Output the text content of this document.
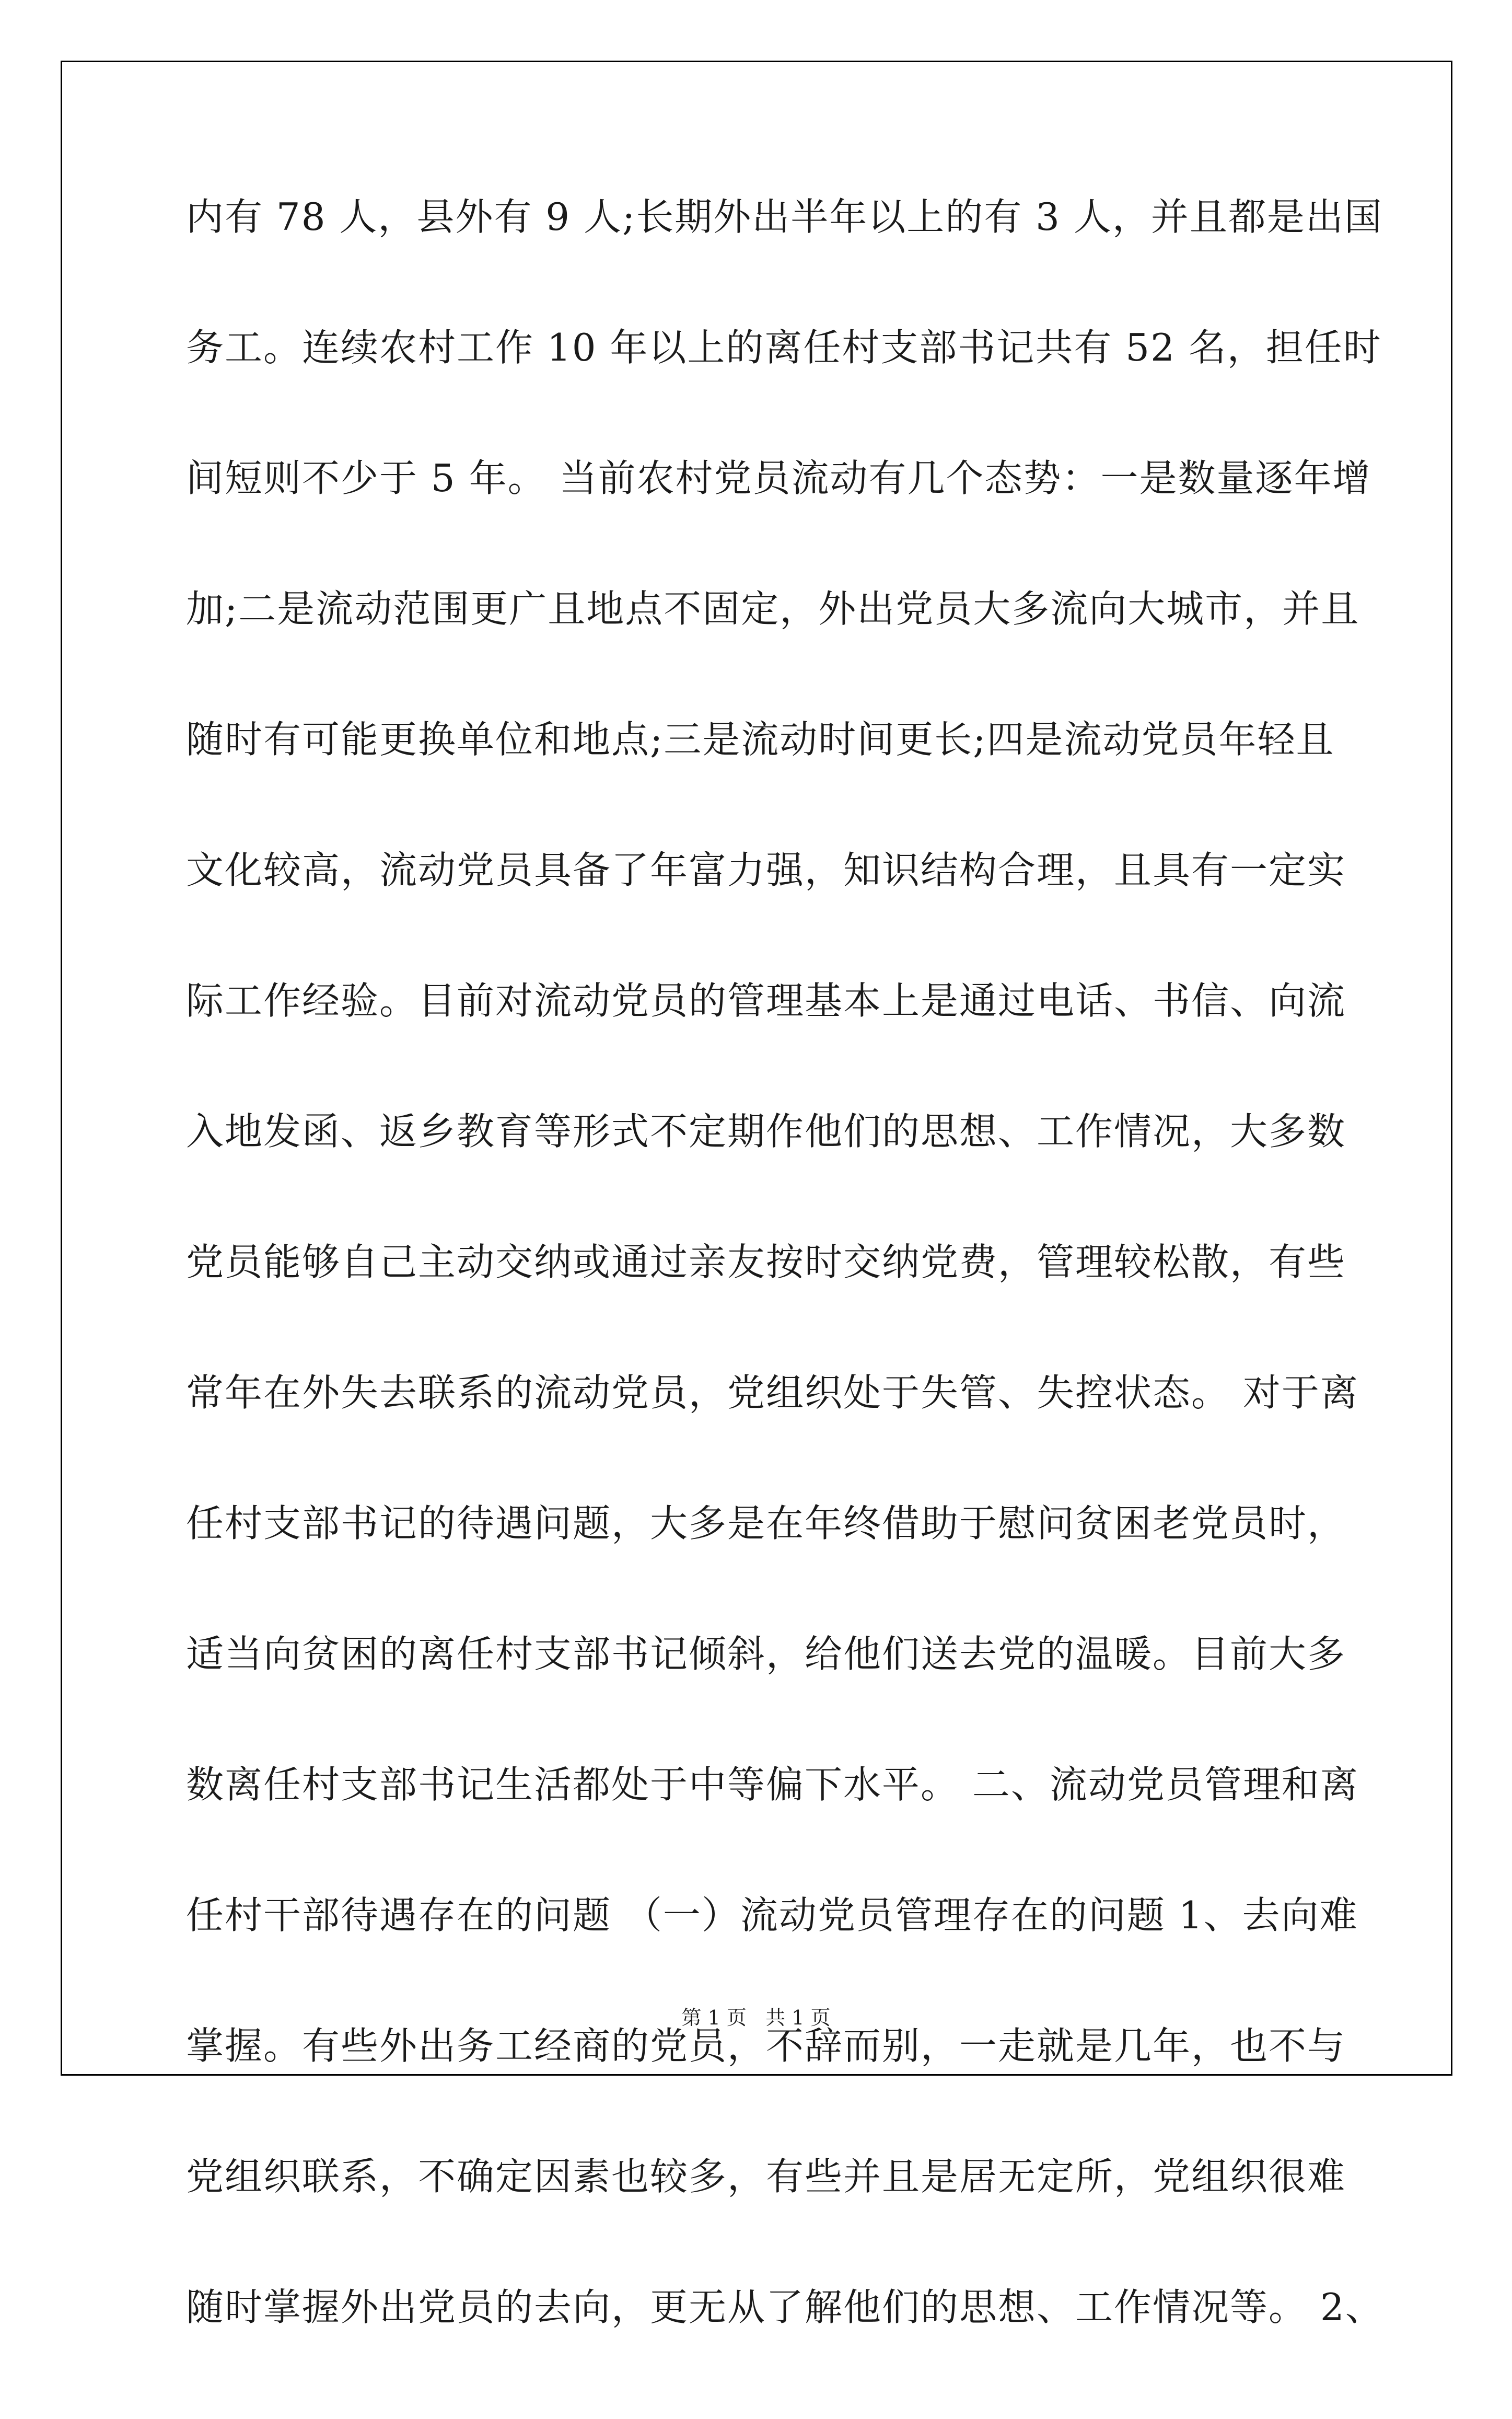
内有 78 人，县外有 9 人;长期外出半年以上的有 3 人，并且都是出国

务工。连续农村工作 10 年以上的离任村支部书记共有 52 名，担任时

间短则不少于 5 年。 当前农村党员流动有几个态势：一是数量逐年增

加;二是流动范围更广且地点不固定，外出党员大多流向大城市，并且

随时有可能更换单位和地点;三是流动时间更长;四是流动党员年轻且

文化较高，流动党员具备了年富力强，知识结构合理，且具有一定实

际工作经验。目前对流动党员的管理基本上是通过电话、书信、向流

入地发函、返乡教育等形式不定期作他们的思想、工作情况，大多数

党员能够自己主动交纳或通过亲友按时交纳党费，管理较松散，有些

常年在外失去联系的流动党员，党组织处于失管、失控状态。 对于离

任村支部书记的待遇问题，大多是在年终借助于慰问贫困老党员时，

适当向贫困的离任村支部书记倾斜，给他们送去党的温暖。目前大多

数离任村支部书记生活都处于中等偏下水平。 二、流动党员管理和离

任村干部待遇存在的问题 （一）流动党员管理存在的问题 1、去向难

掌握。有些外出务工经商的党员，不辞而别，一走就是几年，也不与

党组织联系，不确定因素也较多，有些并且是居无定所，党组织很难

随时掌握外出党员的去向，更无从了解他们的思想、工作情况等。 2、

第 1 页   共 1 页
